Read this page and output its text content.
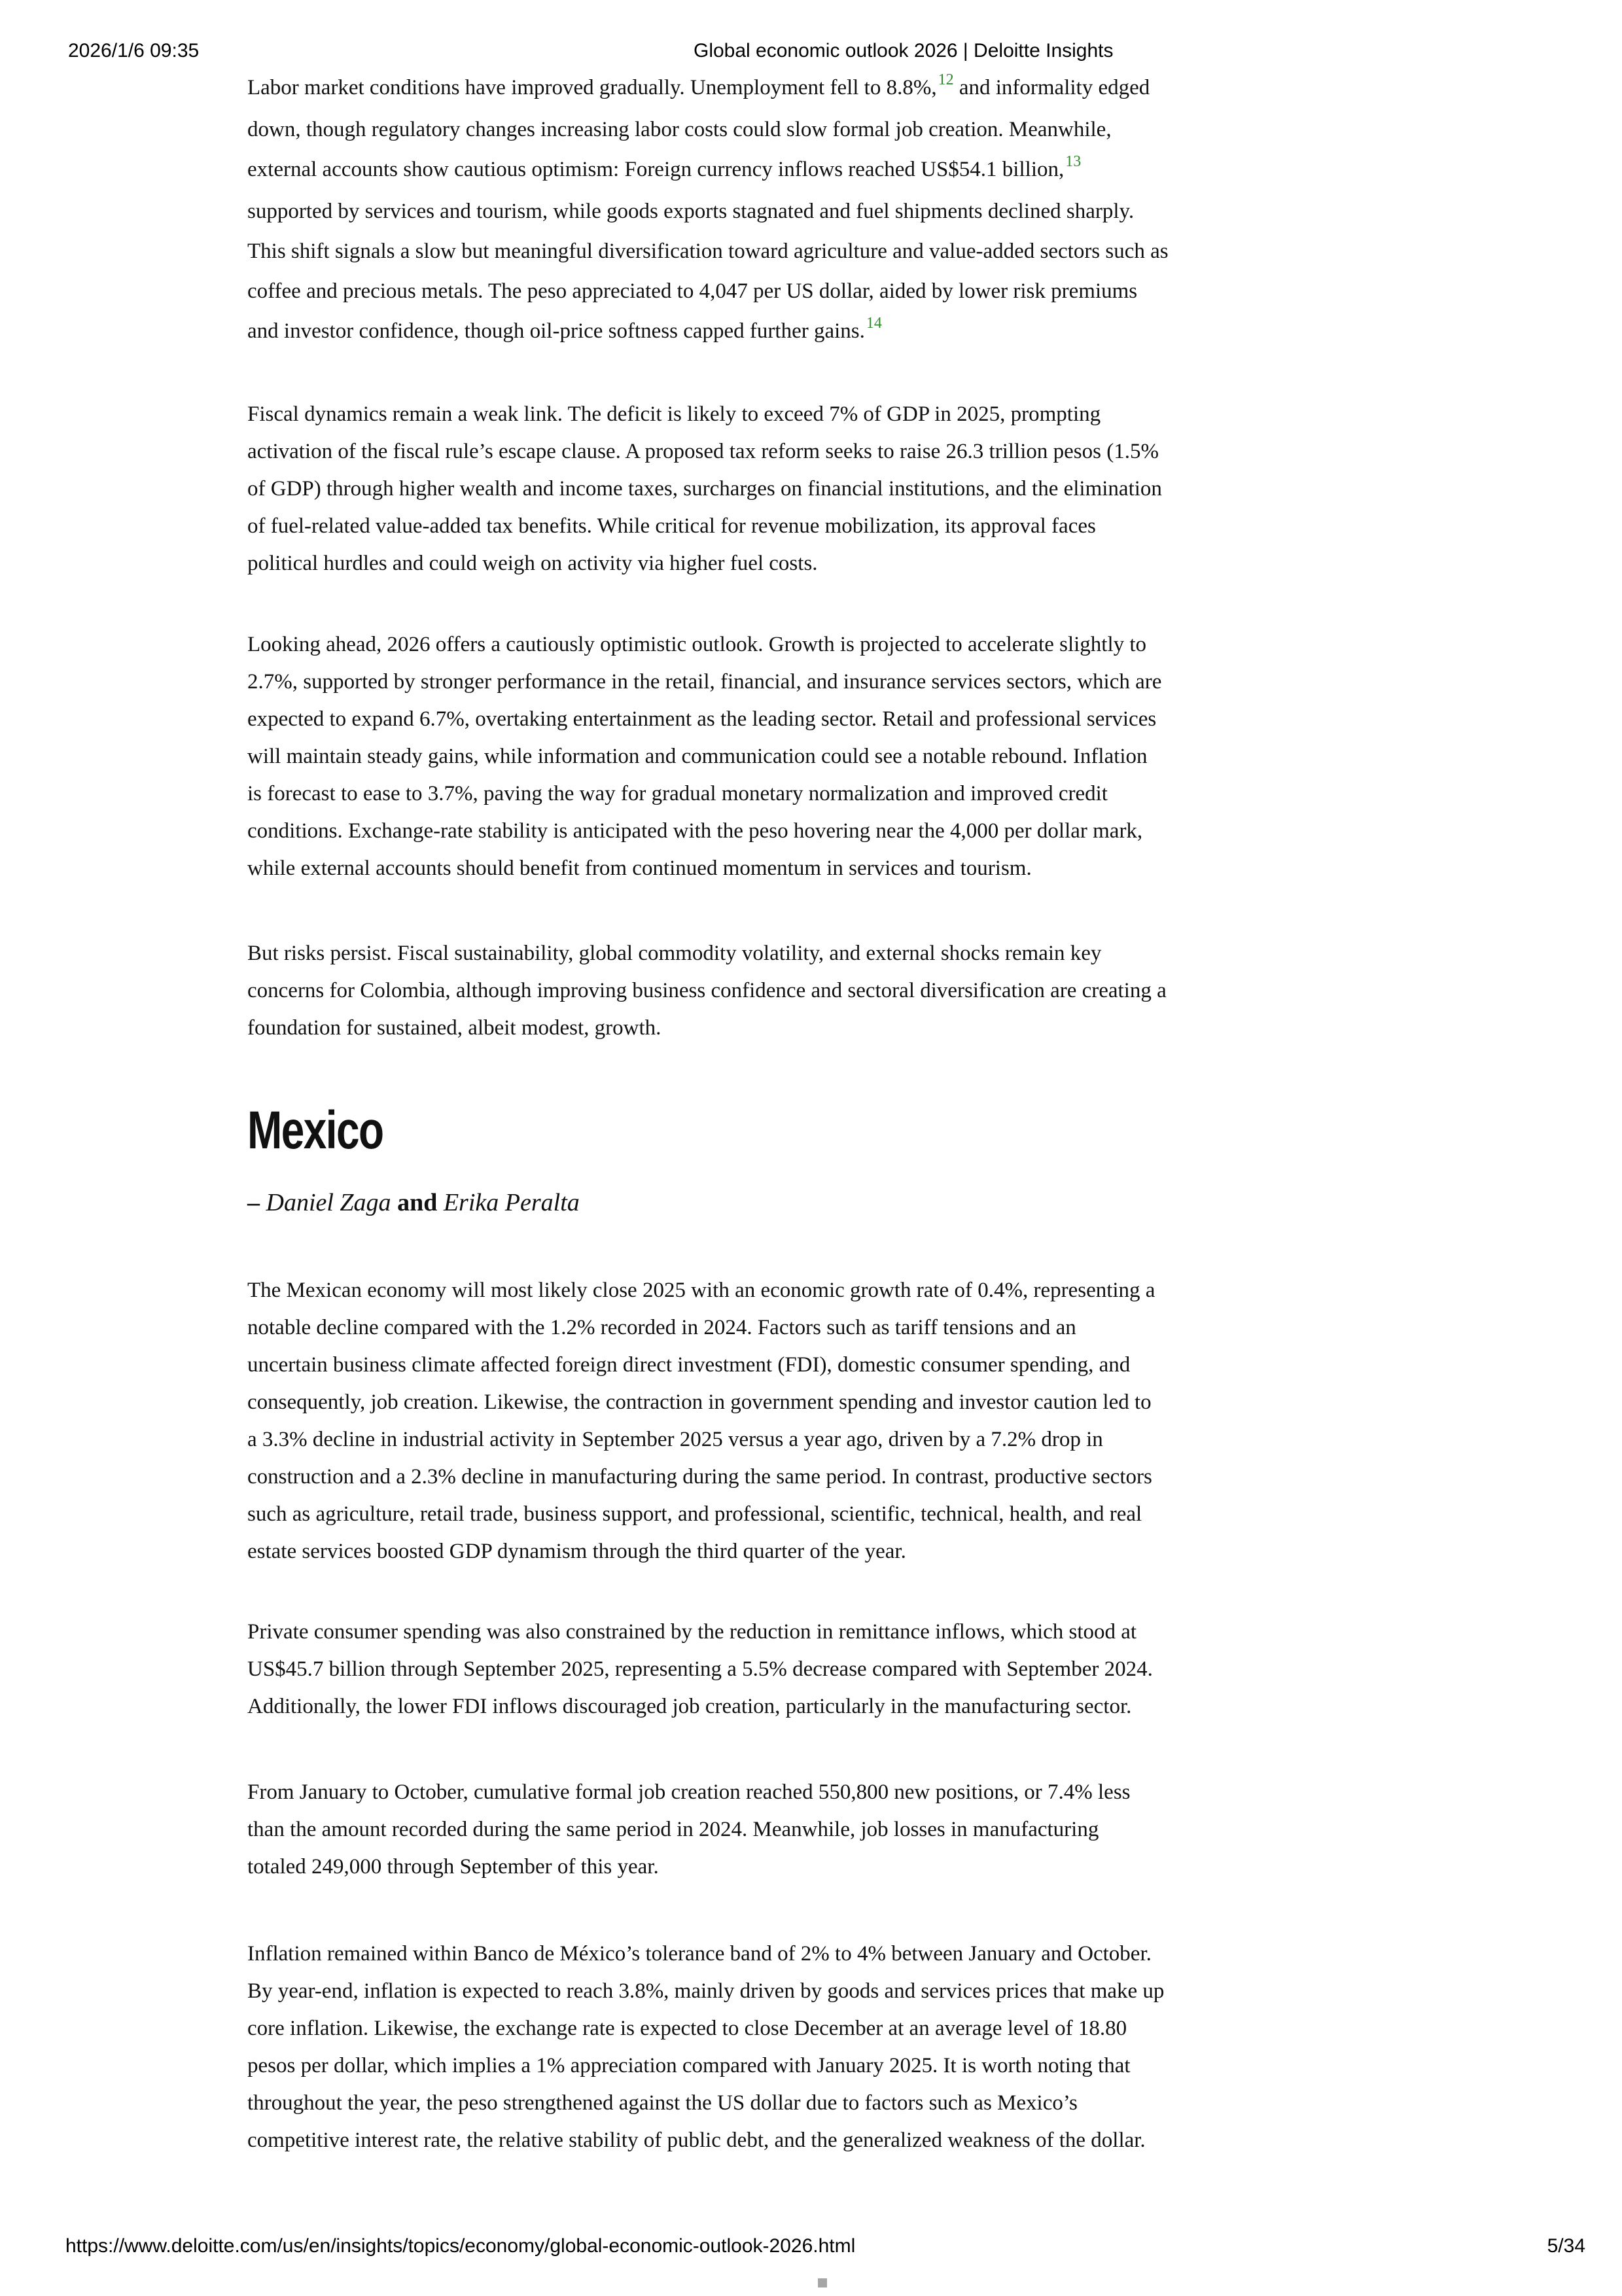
2026/1/6 09:35	Global economic outlook 2026 | Deloitte Insights
Labor market conditions have improved gradually. Unemployment fell to 8.8%,$^{12}$ and informality edged
down, though regulatory changes increasing labor costs could slow formal job creation. Meanwhile,
external accounts show cautious optimism: Foreign currency inflows reached US$54.1 billion,$^{13}$
supported by services and tourism, while goods exports stagnated and fuel shipments declined sharply.
This shift signals a slow but meaningful diversification toward agriculture and value-added sectors such as
coffee and precious metals. The peso appreciated to 4,047 per US dollar, aided by lower risk premiums
and investor confidence, though oil-price softness capped further gains.$^{14}$
Fiscal dynamics remain a weak link. The deficit is likely to exceed 7% of GDP in 2025, prompting
activation of the fiscal rule’s escape clause. A proposed tax reform seeks to raise 26.3 trillion pesos (1.5%
of GDP) through higher wealth and income taxes, surcharges on financial institutions, and the elimination
of fuel-related value-added tax benefits. While critical for revenue mobilization, its approval faces
political hurdles and could weigh on activity via higher fuel costs.
Looking ahead, 2026 offers a cautiously optimistic outlook. Growth is projected to accelerate slightly to
2.7%, supported by stronger performance in the retail, financial, and insurance services sectors, which are
expected to expand 6.7%, overtaking entertainment as the leading sector. Retail and professional services
will maintain steady gains, while information and communication could see a notable rebound. Inflation
is forecast to ease to 3.7%, paving the way for gradual monetary normalization and improved credit
conditions. Exchange-rate stability is anticipated with the peso hovering near the 4,000 per dollar mark,
while external accounts should benefit from continued momentum in services and tourism.
But risks persist. Fiscal sustainability, global commodity volatility, and external shocks remain key
concerns for Colombia, although improving business confidence and sectoral diversification are creating a
foundation for sustained, albeit modest, growth.
Mexico
– Daniel Zaga and Erika Peralta
The Mexican economy will most likely close 2025 with an economic growth rate of 0.4%, representing a
notable decline compared with the 1.2% recorded in 2024. Factors such as tariff tensions and an
uncertain business climate affected foreign direct investment (FDI), domestic consumer spending, and
consequently, job creation. Likewise, the contraction in government spending and investor caution led to
a 3.3% decline in industrial activity in September 2025 versus a year ago, driven by a 7.2% drop in
construction and a 2.3% decline in manufacturing during the same period. In contrast, productive sectors
such as agriculture, retail trade, business support, and professional, scientific, technical, health, and real
estate services boosted GDP dynamism through the third quarter of the year.
Private consumer spending was also constrained by the reduction in remittance inflows, which stood at
US$45.7 billion through September 2025, representing a 5.5% decrease compared with September 2024.
Additionally, the lower FDI inflows discouraged job creation, particularly in the manufacturing sector.
From January to October, cumulative formal job creation reached 550,800 new positions, or 7.4% less
than the amount recorded during the same period in 2024. Meanwhile, job losses in manufacturing
totaled 249,000 through September of this year.
Inflation remained within Banco de México’s tolerance band of 2% to 4% between January and October.
By year-end, inflation is expected to reach 3.8%, mainly driven by goods and services prices that make up
core inflation. Likewise, the exchange rate is expected to close December at an average level of 18.80
pesos per dollar, which implies a 1% appreciation compared with January 2025. It is worth noting that
throughout the year, the peso strengthened against the US dollar due to factors such as Mexico’s
competitive interest rate, the relative stability of public debt, and the generalized weakness of the dollar.
https://www.deloitte.com/us/en/insights/topics/economy/global-economic-outlook-2026.html	5/34
